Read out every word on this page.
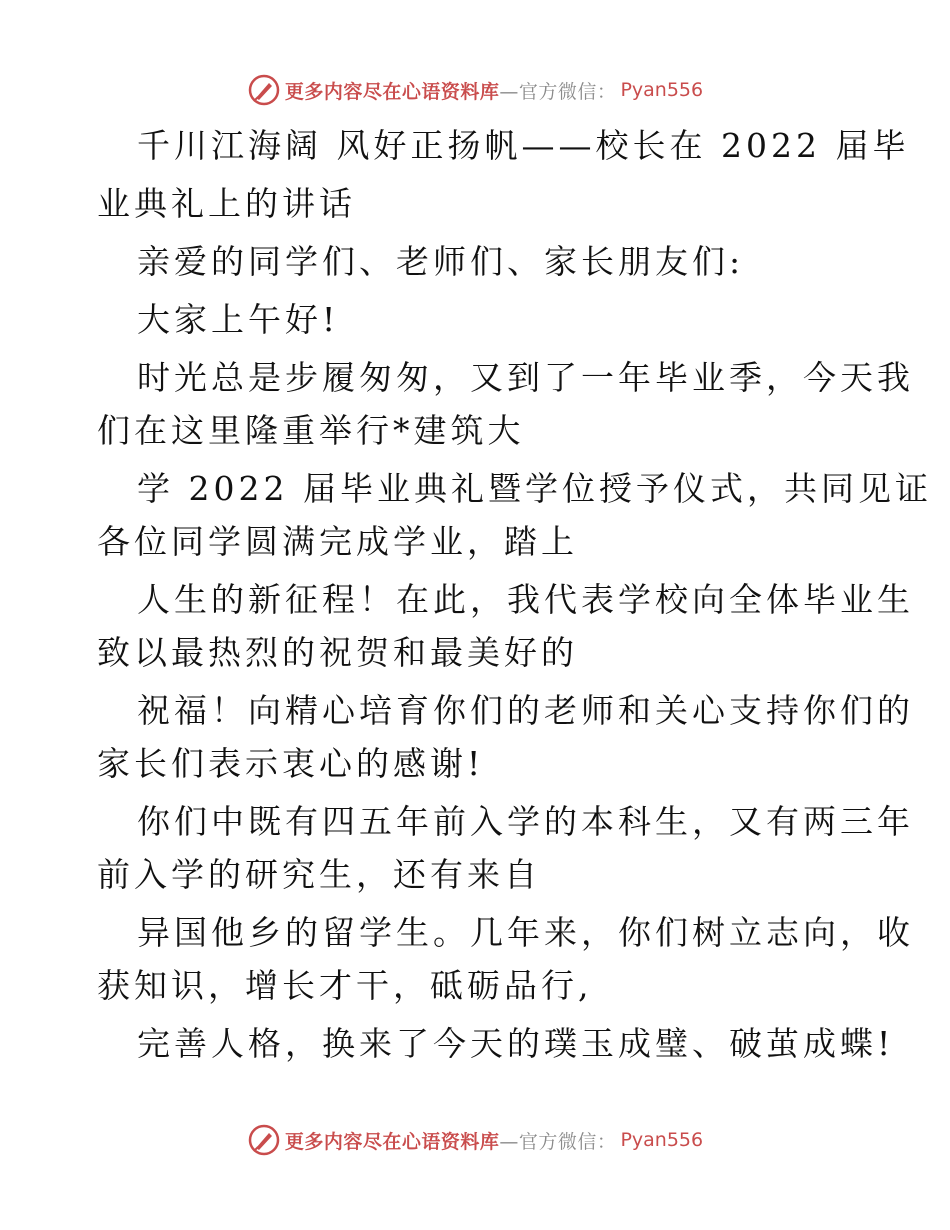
更多内容尽在心语资料库 —官方微信： Pyan556
千川江海阔 风好正扬帆——校长在 2022 届毕
业典礼上的讲话
亲爱的同学们、老师们、家长朋友们:
大家上午好!
时光总是步履匆匆，又到了一年毕业季，今天我
们在这里隆重举行*建筑大
学 2022 届毕业典礼暨学位授予仪式，共同见证
各位同学圆满完成学业，踏上
人生的新征程！在此，我代表学校向全体毕业生
致以最热烈的祝贺和最美好的
祝福！向精心培育你们的老师和关心支持你们的
家长们表示衷心的感谢!
你们中既有四五年前入学的本科生，又有两三年
前入学的研究生，还有来自
异国他乡的留学生。几年来，你们树立志向，收
获知识，增长才干，砥砺品行,
完善人格，换来了今天的璞玉成璧、破茧成蝶!
更多内容尽在心语资料库 —官方微信： Pyan556
